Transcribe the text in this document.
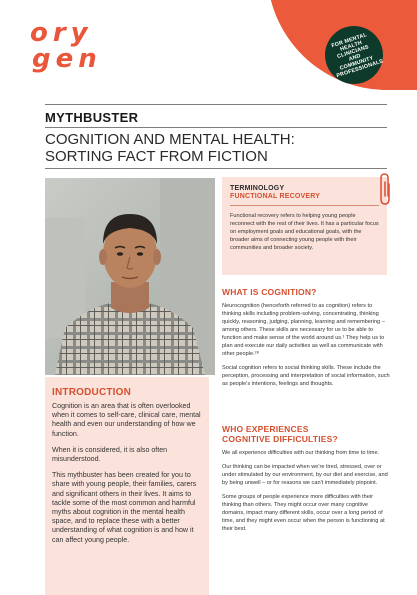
ory
gen
FOR MENTAL HEALTH CLINICIANS AND COMMUNITY PROFESSIONALS
MYTHBUSTER
COGNITION AND MENTAL HEALTH:
SORTING FACT FROM FICTION
INTRODUCTION

Cognition is an area that is often overlooked when it comes to self-care, clinical care, mental health and even our understanding of how we function.

When it is considered, it is also often misunderstood.

This mythbuster has been created for you to share with young people, their families, carers and significant others in their lives. It aims to tackle some of the most common and harmful myths about cognition in the mental health space, and to replace these with a better understanding of what cognition is and how it can affect young people.

TERMINOLOGY
FUNCTIONAL RECOVERY

Functional recovery refers to helping young people reconnect with the rest of their lives. It has a particular focus on employment goals and educational goals, with the broader aims of connecting young people with their communities and broader society.

WHAT IS COGNITION?

Neurocognition (henceforth referred to as cognition) refers to thinking skills including problem-solving, concentrating, thinking quickly, reasoning, judging, planning, learning and remembering – among others. These skills are necessary for us to be able to function and make sense of the world around us.¹ They help us to plan and execute our daily activities as well as communicate with other people.²⁸

Social cognition refers to social thinking skills. These include the perception, processing and interpretation of social information, such as people's intentions, feelings and thoughts.

WHO EXPERIENCES
COGNITIVE DIFFICULTIES?

We all experience difficulties with our thinking from time to time.

Our thinking can be impacted when we're tired, stressed, over or under stimulated by our environment, by our diet and exercise, and by being unwell – or for reasons we can't immediately pinpoint.

Some groups of people experience more difficulties with their thinking than others. They might occur over many cognitive domains, impact many different skills, occur over a long period of time, and they might even occur when the person is functioning at their best.
